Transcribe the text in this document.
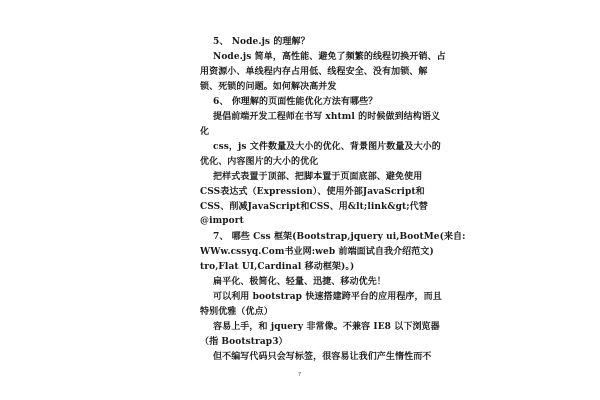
5、 Node.js 的理解？
Node.js 简单，高性能、避免了频繁的线程切换开销、占
用资源小、单线程内存占用低、线程安全、没有加锁、解
锁、死锁的问题。如何解决高并发
6、 你理解的页面性能优化方法有哪些？
提倡前端开发工程师在书写 xhtml 的时候做到结构语义
化
css，js 文件数量及大小的优化、背景图片数量及大小的
优化、内容图片的大小的优化
把样式表置于顶部、把脚本置于页面底部、避免使用
CSS 表达式（Expression）、使用外部 JavaScript 和
CSS、削减 JavaScript 和 CSS、用 &lt;link&gt; 代替
@import
7、 哪些 Css 框架(Bootstrap,jquery ui,BootMe(来自:
WWw.cssyq.Com 书业网:web 前端面试自我介绍范文)
tro,Flat UI,Cardinal 移动框架)。)
扁平化、极简化、轻量、迅捷、移动优先！
可以利用 bootstrap 快速搭建跨平台的应用程序，而且
特别优雅（优点）
容易上手，和 jquery 非常像。不兼容 IE8 以下浏览器
（指 Bootstrap3）
但不编写代码只会写标签，很容易让我们产生惰性而不
7
